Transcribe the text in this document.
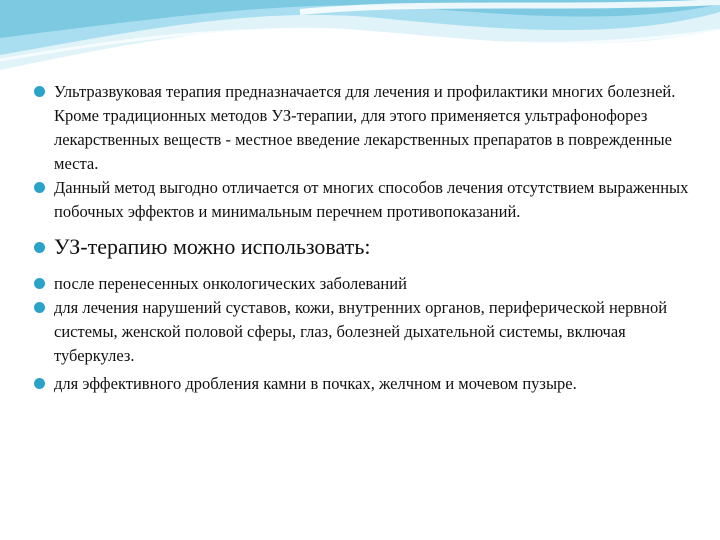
Ультразвуковая терапия предназначается для лечения и профилактики многих болезней. Кроме традиционных методов УЗ-терапии, для этого применяется ультрафонофорез лекарственных веществ - местное введение лекарственных препаратов в поврежденные места.
Данный метод выгодно отличается от многих способов лечения отсутствием выраженных побочных эффектов и минимальным перечнем противопоказаний.
УЗ-терапию можно использовать:
после перенесенных онкологических заболеваний
для лечения нарушений суставов, кожи, внутренних органов, периферической нервной системы, женской половой сферы, глаз, болезней дыхательной системы, включая туберкулез.
для эффективного дробления камни в почках, желчном и мочевом пузыре.
